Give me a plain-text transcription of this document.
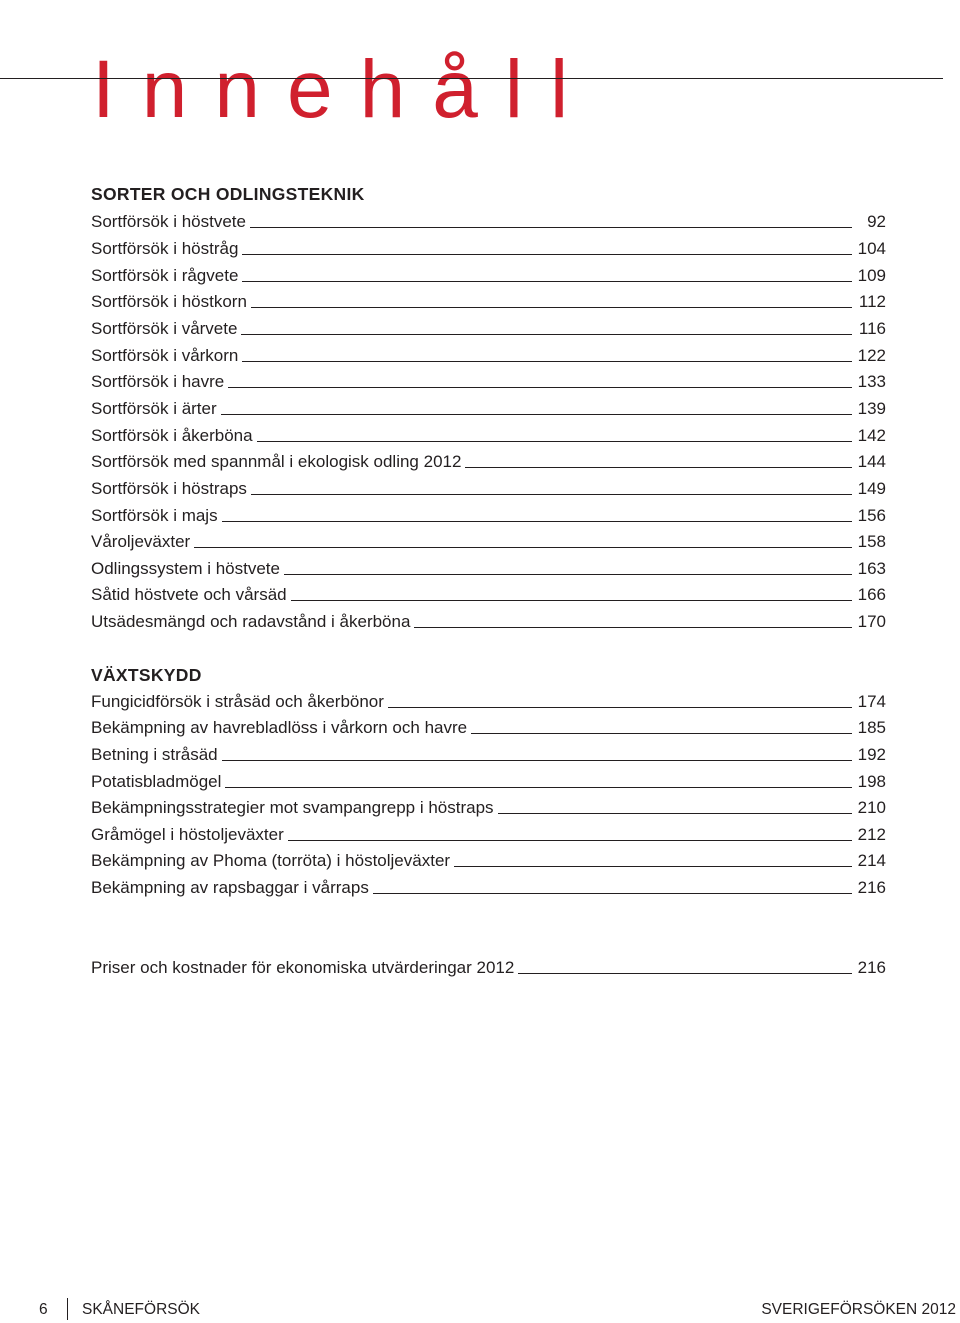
Innehåll
SORTER OCH ODLINGSTEKNIK
Sortförsök i höstvete	92
Sortförsök i höstråg	104
Sortförsök i rågvete	109
Sortförsök i höstkorn	112
Sortförsök i vårvete	116
Sortförsök i vårkorn	122
Sortförsök i havre	133
Sortförsök i ärter	139
Sortförsök i åkerböna	142
Sortförsök med spannmål i ekologisk odling 2012	144
Sortförsök i höstraps	149
Sortförsök i majs	156
Våroljeväxter	158
Odlingssystem i höstvete	163
Såtid höstvete och vårsäd	166
Utsädesmängd och radavstånd i åkerböna	170
VÄXTSKYDD
Fungicidförsök i stråsäd och åkerbönor	174
Bekämpning av havrebladlöss i vårkorn och havre	185
Betning i stråsäd	192
Potatisbladmögel	198
Bekämpningsstrategier mot svampangrepp i höstraps	210
Gråmögel i höstoljeväxter	212
Bekämpning av Phoma (torröta) i höstoljeväxter	214
Bekämpning av rapsbaggar i vårraps	216
Priser och kostnader för ekonomiska utvärderingar 2012	216
6 SKÅNEFÖRSÖK	SVERIGEFÖRSÖKEN 2012
